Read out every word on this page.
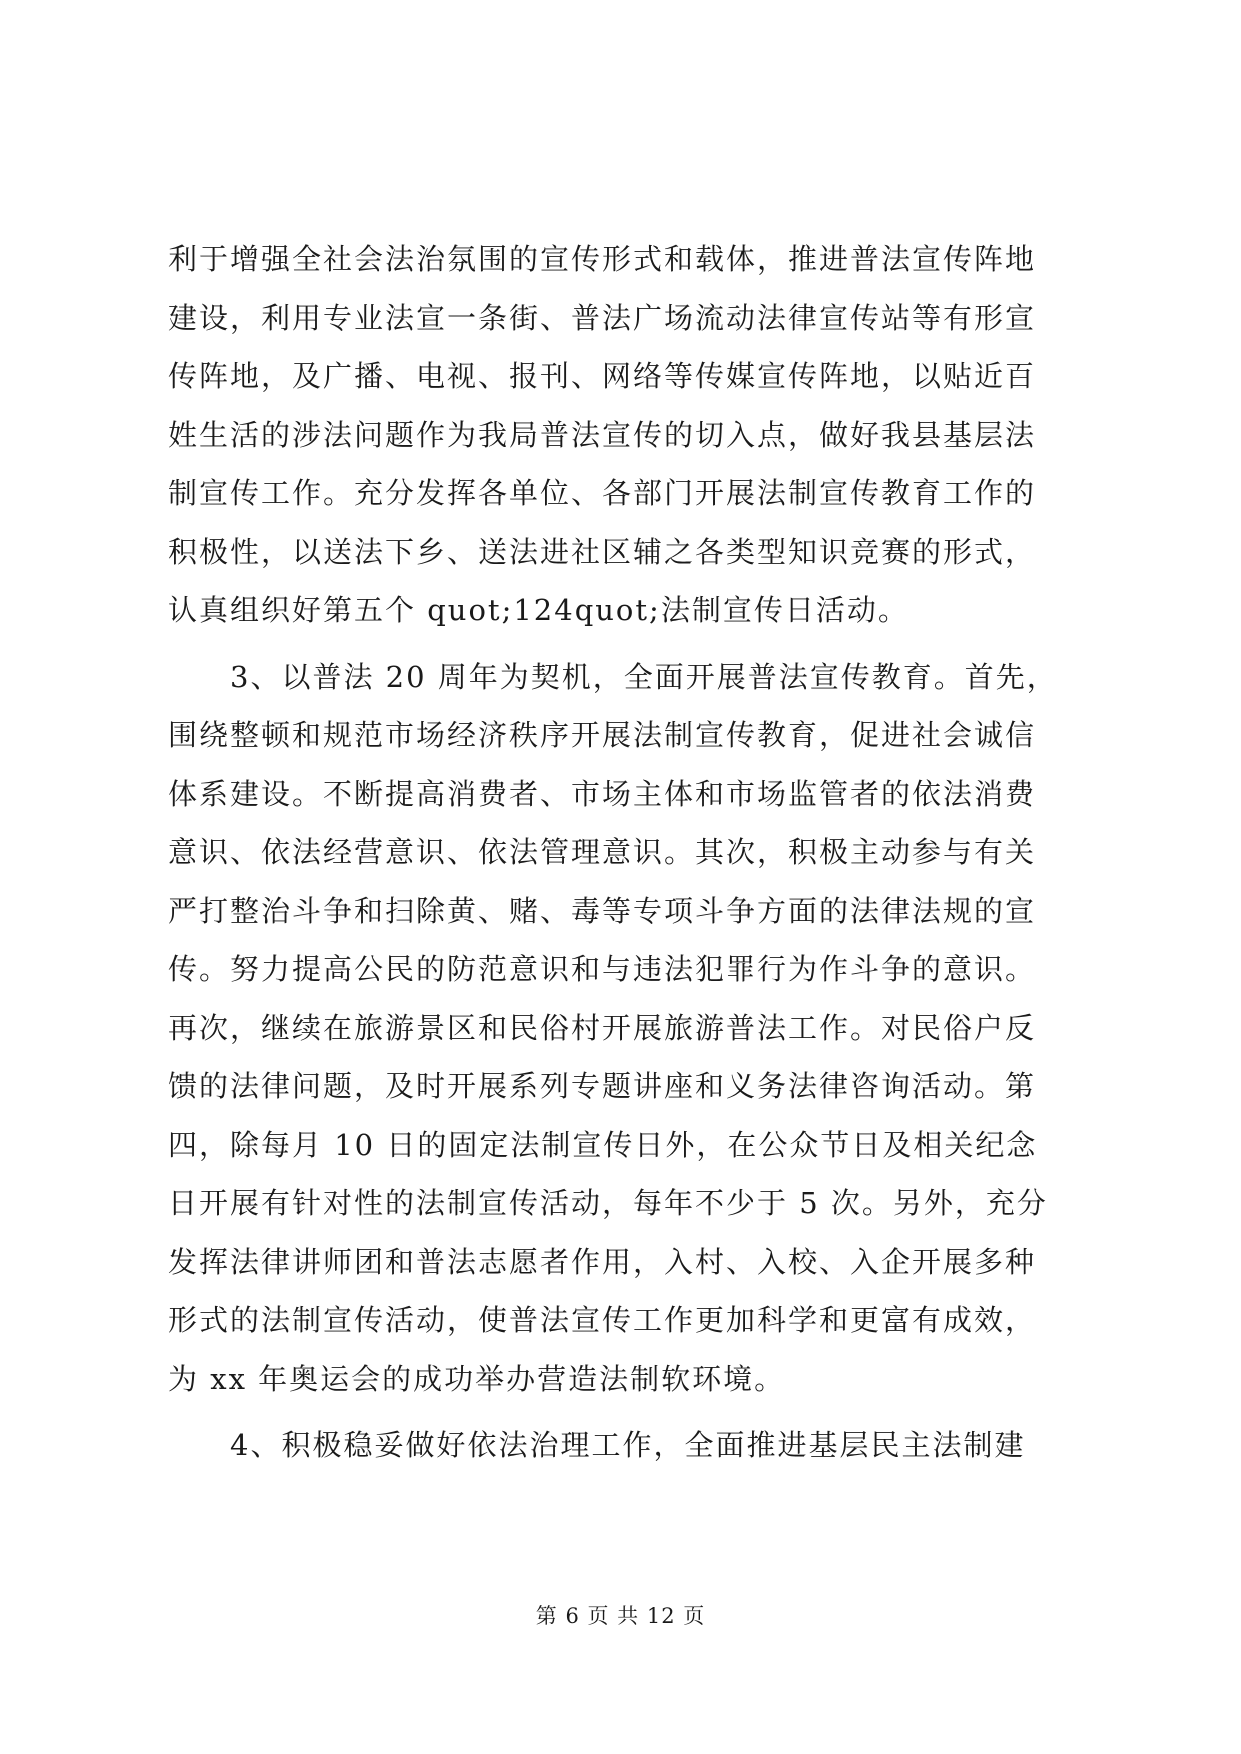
利于增强全社会法治氛围的宣传形式和载体，推进普法宣传阵地
建设，利用专业法宣一条街、普法广场流动法律宣传站等有形宣
传阵地，及广播、电视、报刊、网络等传媒宣传阵地，以贴近百
姓生活的涉法问题作为我局普法宣传的切入点，做好我县基层法
制宣传工作。充分发挥各单位、各部门开展法制宣传教育工作的
积极性，以送法下乡、送法进社区辅之各类型知识竞赛的形式，
认真组织好第五个 quot;124quot;法制宣传日活动。
　　3、以普法 20 周年为契机，全面开展普法宣传教育。首先，
围绕整顿和规范市场经济秩序开展法制宣传教育，促进社会诚信
体系建设。不断提高消费者、市场主体和市场监管者的依法消费
意识、依法经营意识、依法管理意识。其次，积极主动参与有关
严打整治斗争和扫除黄、赌、毒等专项斗争方面的法律法规的宣
传。努力提高公民的防范意识和与违法犯罪行为作斗争的意识。
再次，继续在旅游景区和民俗村开展旅游普法工作。对民俗户反
馈的法律问题，及时开展系列专题讲座和义务法律咨询活动。第
四，除每月 10 日的固定法制宣传日外，在公众节日及相关纪念
日开展有针对性的法制宣传活动，每年不少于 5 次。另外，充分
发挥法律讲师团和普法志愿者作用，入村、入校、入企开展多种
形式的法制宣传活动，使普法宣传工作更加科学和更富有成效，
为 xx 年奥运会的成功举办营造法制软环境。
　　4、积极稳妥做好依法治理工作，全面推进基层民主法制建
第 6 页 共 12 页
